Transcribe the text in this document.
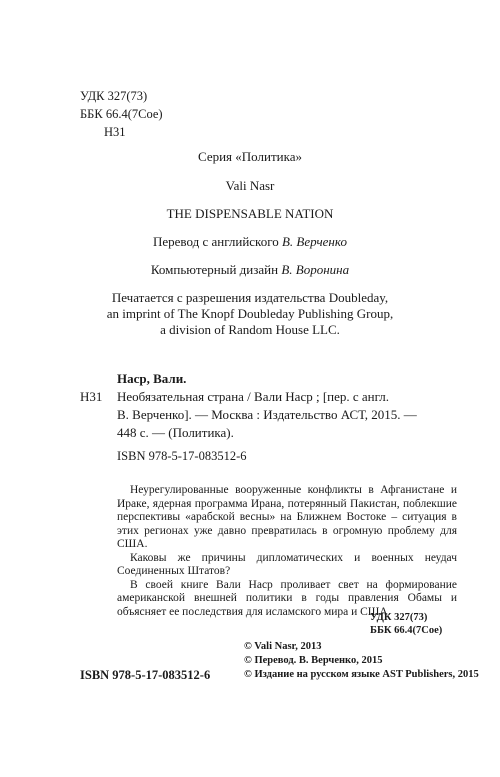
УДК 327(73)
ББК 66.4(7Сое)
Н31
Серия «Политика»
Vali Nasr
THE DISPENSABLE NATION
Перевод с английского В. Верченко
Компьютерный дизайн В. Воронина
Печатается с разрешения издательства Doubleday,
an imprint of The Knopf Doubleday Publishing Group,
a division of Random House LLC.
Наср, Вали.
Н31 Необязательная страна / Вали Наср ; [пер. с англ.
В. Верченко]. — Москва : Издательство АСТ, 2015. —
448 с. — (Политика).
ISBN 978-5-17-083512-6

Неурегулированные вооруженные конфликты в Афганистане и Ираке, ядерная программа Ирана, потерянный Пакистан, поблекшие перспективы «арабской весны» на Ближнем Востоке – ситуация в этих регионах уже давно превратилась в огромную проблему для США.

Каковы же причины дипломатических и военных неудач Соединенных Штатов?

В своей книге Вали Наср проливает свет на формирование американской внешней политики в годы правления Обамы и объясняет ее последствия для исламского мира и США.

УДК 327(73)
ББК 66.4(7Сое)
ISBN 978-5-17-083512-6
© Vali Nasr, 2013
© Перевод. В. Верченко, 2015
© Издание на русском языке AST Publishers, 2015
